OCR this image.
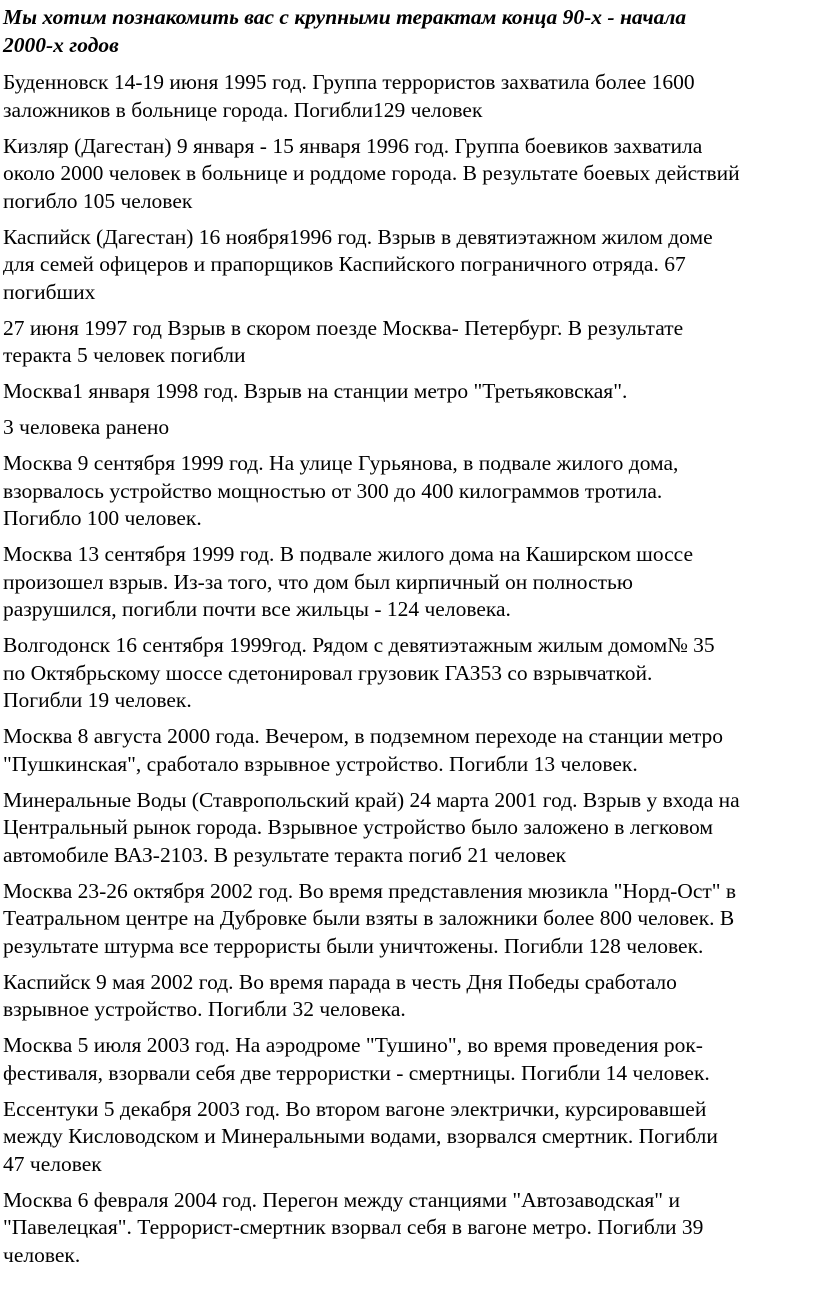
Мы хотим познакомить вас с крупными терактам конца 90-х - начала
2000-х годов
Буденновск 14-19 июня 1995 год. Группа террористов захватила более 1600
заложников в больнице города. Погибли129 человек
Кизляр (Дагестан) 9 января - 15 января 1996 год. Группа боевиков захватила
около 2000 человек в больнице и роддоме города. В результате боевых действий
погибло 105 человек
Каспийск (Дагестан) 16 ноября1996 год. Взрыв в девятиэтажном жилом доме
для семей офицеров и прапорщиков Каспийского пограничного отряда. 67
погибших
27 июня 1997 год Взрыв в скором поезде Москва- Петербург. В результате
теракта 5 человек погибли
Москва1 января 1998 год. Взрыв на станции метро "Третьяковская".
3 человека ранено
Москва 9 сентября 1999 год. На улице Гурьянова, в подвале жилого дома,
взорвалось устройство мощностью от 300 до 400 килограммов тротила.
Погибло 100 человек.
Москва 13 сентября 1999 год. В подвале жилого дома на Каширском шоссе
произошел взрыв. Из-за того, что дом был кирпичный он полностью
разрушился, погибли почти все жильцы - 124 человека.
Волгодонск 16 сентября 1999год. Рядом с девятиэтажным жилым домом№ 35
по Октябрьскому шоссе сдетонировал грузовик ГАЗ53 со взрывчаткой.
Погибли 19 человек.
Москва 8 августа 2000 года. Вечером, в подземном переходе на станции метро
"Пушкинская", сработало взрывное устройство. Погибли 13 человек.
Минеральные Воды (Ставропольский край) 24 марта 2001 год. Взрыв у входа на
Центральный рынок города. Взрывное устройство было заложено в легковом
автомобиле ВАЗ-2103. В результате теракта погиб 21 человек
Москва 23-26 октября 2002 год. Во время представления мюзикла "Норд-Ост" в
Театральном центре на Дубровке были взяты в заложники более 800 человек. В
результате штурма все террористы были уничтожены. Погибли 128 человек.
Каспийск 9 мая 2002 год. Во время парада в честь Дня Победы сработало
взрывное устройство. Погибли 32 человека.
Москва 5 июля 2003 год. На аэродроме "Тушино", во время проведения рок-
фестиваля, взорвали себя две террористки - смертницы. Погибли 14 человек.
Ессентуки 5 декабря 2003 год. Во втором вагоне электрички, курсировавшей
между Кисловодском и Минеральными водами, взорвался смертник. Погибли
47 человек
Москва 6 февраля 2004 год. Перегон между станциями "Автозаводская" и
"Павелецкая". Террорист-смертник взорвал себя в вагоне метро. Погибли 39
человек.
